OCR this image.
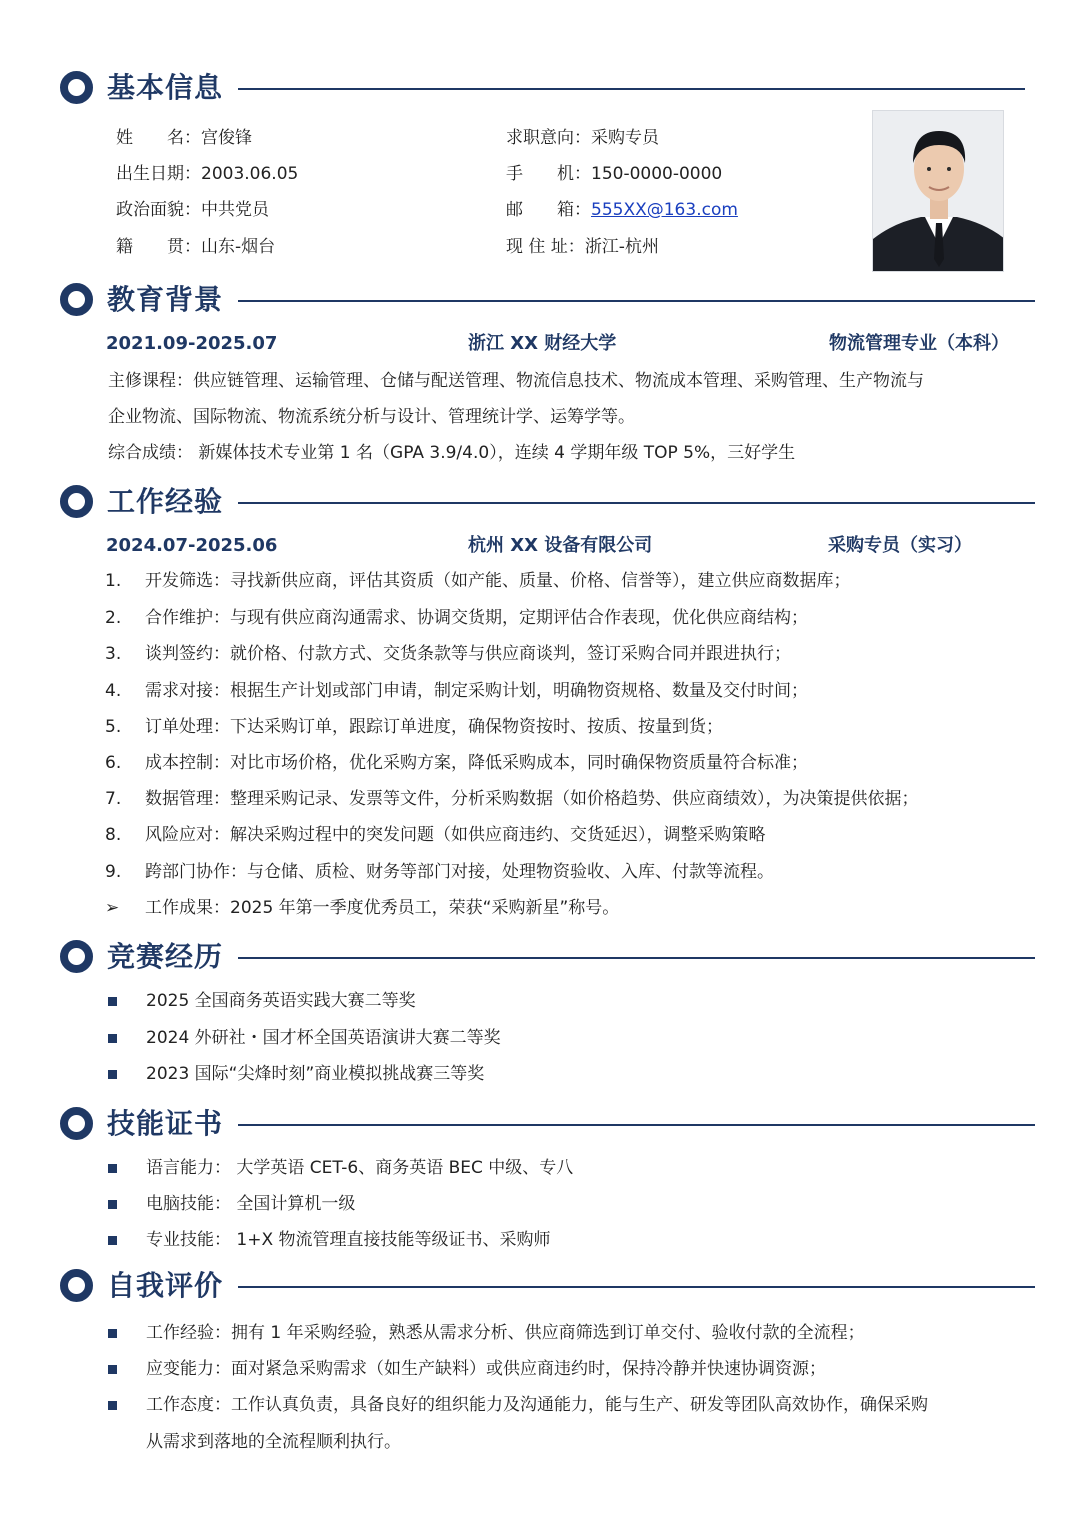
基本信息
姓　　名：宫俊锋
出生日期：2003.06.05
政治面貌：中共党员
籍　　贯：山东-烟台
求职意向：采购专员
手　　机：150-0000-0000
邮　　箱：555XX@163.com
现 住 址：浙江-杭州
教育背景
2021.09-2025.07	浙江 XX 财经大学	物流管理专业（本科）
主修课程：供应链管理、运输管理、仓储与配送管理、物流信息技术、物流成本管理、采购管理、生产物流与
企业物流、国际物流、物流系统分析与设计、管理统计学、运筹学等。
综合成绩： 新媒体技术专业第 1 名（GPA 3.9/4.0），连续 4 学期年级 TOP 5%，三好学生
工作经验
2024.07-2025.06	杭州 XX 设备有限公司	采购专员（实习）
1. 开发筛选：寻找新供应商，评估其资质（如产能、质量、价格、信誉等），建立供应商数据库；
2. 合作维护：与现有供应商沟通需求、协调交货期，定期评估合作表现，优化供应商结构；
3. 谈判签约：就价格、付款方式、交货条款等与供应商谈判，签订采购合同并跟进执行；
4. 需求对接：根据生产计划或部门申请，制定采购计划，明确物资规格、数量及交付时间；
5. 订单处理：下达采购订单，跟踪订单进度，确保物资按时、按质、按量到货；
6. 成本控制：对比市场价格，优化采购方案，降低采购成本，同时确保物资质量符合标准；
7. 数据管理：整理采购记录、发票等文件，分析采购数据（如价格趋势、供应商绩效），为决策提供依据；
8. 风险应对：解决采购过程中的突发问题（如供应商违约、交货延迟），调整采购策略
9. 跨部门协作：与仓储、质检、财务等部门对接，处理物资验收、入库、付款等流程。
➢ 工作成果：2025 年第一季度优秀员工，荣获“采购新星”称号。
竞赛经历
2025 全国商务英语实践大赛二等奖
2024 外研社・国才杯全国英语演讲大赛二等奖
2023 国际“尖烽时刻”商业模拟挑战赛三等奖
技能证书
语言能力： 大学英语 CET-6、商务英语 BEC 中级、专八
电脑技能： 全国计算机一级
专业技能： 1+X 物流管理直接技能等级证书、采购师
自我评价
工作经验：拥有 1 年采购经验，熟悉从需求分析、供应商筛选到订单交付、验收付款的全流程；
应变能力：面对紧急采购需求（如生产缺料）或供应商违约时，保持冷静并快速协调资源；
工作态度：工作认真负责，具备良好的组织能力及沟通能力，能与生产、研发等团队高效协作，确保采购
从需求到落地的全流程顺利执行。
